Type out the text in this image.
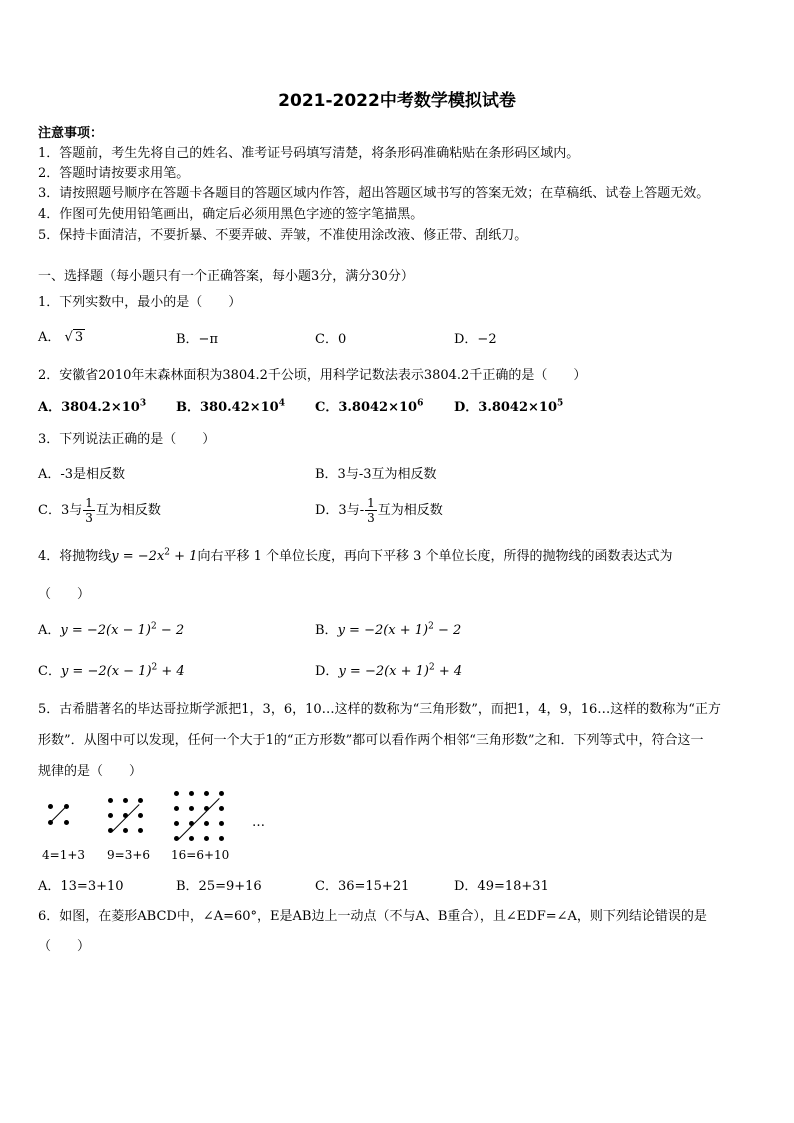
2021-2022中考数学模拟试卷
注意事项：
1．答题前，考生先将自己的姓名、准考证号码填写清楚，将条形码准确粘贴在条形码区域内。
2．答题时请按要求用笔。
3．请按照题号顺序在答题卡各题目的答题区域内作答，超出答题区域书写的答案无效；在草稿纸、试卷上答题无效。
4．作图可先使用铅笔画出，确定后必须用黑色字迹的签字笔描黑。
5．保持卡面清洁，不要折暴、不要弄破、弄皱，不准使用涂改液、修正带、刮纸刀。
一、选择题（每小题只有一个正确答案，每小题3分，满分30分）
1．下列实数中，最小的是（　　）
A． √ 3	B．−π	C．0	D．−2
2．安徽省2010年末森林面积为3804.2千公顷，用科学记数法表示3804.2千正确的是（　　）
A．$3804.2\times 10^3$ B．$380.42\times 10^4$ C．$3.8042\times 10^6$ D．$3.8042\times 10^5$
3．下列说法正确的是（　　）
A．-3是相反数	B．3与-3互为相反数
C．3与 $\frac{1}{3}$ 互为相反数	D．3与- $\frac{1}{3}$ 互为相反数
4．将抛物线$y = -2x^2 + 1$向右平移 1 个单位长度，再向下平移 3 个单位长度，所得的抛物线的函数表达式为
（　　）
A．$y = -2(x - 1)^2 - 2$	B．$y = -2(x + 1)^2 - 2$
C．$y = -2(x - 1)^2 + 4$	D．$y = -2(x + 1)^2 + 4$
5．古希腊著名的毕达哥拉斯学派把1，3，6，10…这样的数称为“三角形数”，而把1，4，9，16…这样的数称为“正方
形数”．从图中可以发现，任何一个大于1的“正方形数”都可以看作两个相邻“三角形数”之和．下列等式中，符合这一
规律的是（　　）
…
4=1+3 9=3+6 16=6+10
A．13=3+10	B．25=9+16	C．36=15+21	D．49=18+31
6．如图，在菱形ABCD中，∠A=60°，E是AB边上一动点（不与A、B重合），且∠EDF=∠A，则下列结论错误的是
（　　）
